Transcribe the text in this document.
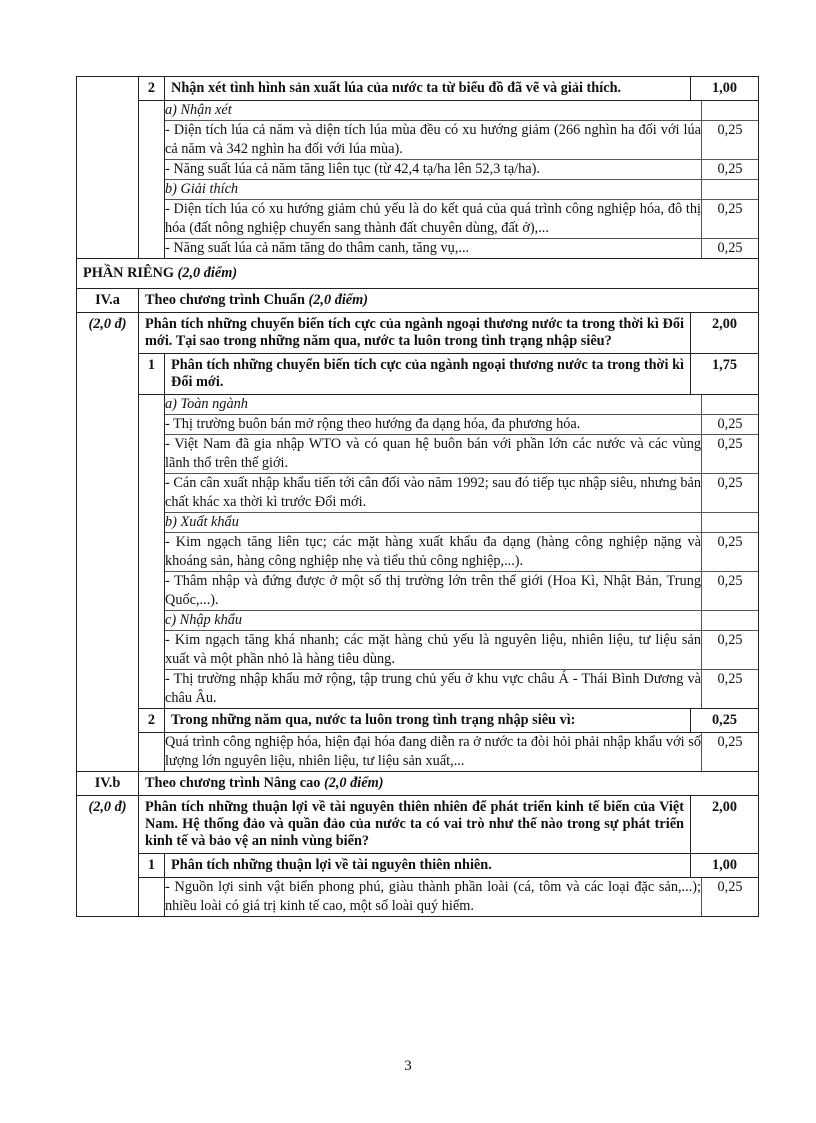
	2	Nhận xét tình hình sản xuất lúa của nước ta từ biểu đồ đã vẽ và giải thích.	1,00

a) Nhận xét	
- Diện tích lúa cả năm và diện tích lúa mùa đều có xu hướng giảm (266 nghìn ha đối với lúa cả năm và 342 nghìn ha đối với lúa mùa).	0,25
- Năng suất lúa cả năm tăng liên tục (từ 42,4 tạ/ha lên 52,3 tạ/ha).	0,25
b) Giải thích	
- Diện tích lúa có xu hướng giảm chủ yếu là do kết quả của quá trình công nghiệp hóa, đô thị hóa (đất nông nghiệp chuyển sang thành đất chuyên dùng, đất ở),...	0,25
- Năng suất lúa cả năm tăng do thâm canh, tăng vụ,...	0,25

PHẦN RIÊNG (2,0 điểm)
IV.a	Theo chương trình Chuẩn (2,0 điểm)
(2,0 đ)	Phân tích những chuyển biến tích cực của ngành ngoại thương nước ta trong thời kì Đổi mới. Tại sao trong những năm qua, nước ta luôn trong tình trạng nhập siêu?	2,00
1	Phân tích những chuyển biến tích cực của ngành ngoại thương nước ta trong thời kì Đổi mới.	1,75

a) Toàn ngành	
- Thị trường buôn bán mở rộng theo hướng đa dạng hóa, đa phương hóa.	0,25
- Việt Nam đã gia nhập WTO và có quan hệ buôn bán với phần lớn các nước và các vùng lãnh thổ trên thế giới.	0,25
- Cán cân xuất nhập khẩu tiến tới cân đối vào năm 1992; sau đó tiếp tục nhập siêu, nhưng bản chất khác xa thời kì trước Đổi mới.	0,25
b) Xuất khẩu	
- Kim ngạch tăng liên tục; các mặt hàng xuất khẩu đa dạng (hàng công nghiệp nặng và khoáng sản, hàng công nghiệp nhẹ và tiểu thủ công nghiệp,...).	0,25
- Thâm nhập và đứng được ở một số thị trường lớn trên thế giới (Hoa Kì, Nhật Bản, Trung Quốc,...).	0,25
c) Nhập khẩu	
- Kim ngạch tăng khá nhanh; các mặt hàng chủ yếu là nguyên liệu, nhiên liệu, tư liệu sản xuất và một phần nhỏ là hàng tiêu dùng.	0,25
- Thị trường nhập khẩu mở rộng, tập trung chủ yếu ở khu vực châu Á - Thái Bình Dương và châu Âu.	0,25

2	Trong những năm qua, nước ta luôn trong tình trạng nhập siêu vì:	0,25

Quá trình công nghiệp hóa, hiện đại hóa đang diễn ra ở nước ta đòi hỏi phải nhập khẩu với số lượng lớn nguyên liệu, nhiên liệu, tư liệu sản xuất,...	0,25

IV.b	Theo chương trình Nâng cao (2,0 điểm)
(2,0 đ)	Phân tích những thuận lợi về tài nguyên thiên nhiên để phát triển kinh tế biển của Việt Nam. Hệ thống đảo và quần đảo của nước ta có vai trò như thế nào trong sự phát triển kinh tế và bảo vệ an ninh vùng biển?	2,00
1	Phân tích những thuận lợi về tài nguyên thiên nhiên.	1,00

- Nguồn lợi sinh vật biển phong phú, giàu thành phần loài (cá, tôm và các loại đặc sản,...); nhiều loài có giá trị kinh tế cao, một số loài quý hiếm.	0,25
3
